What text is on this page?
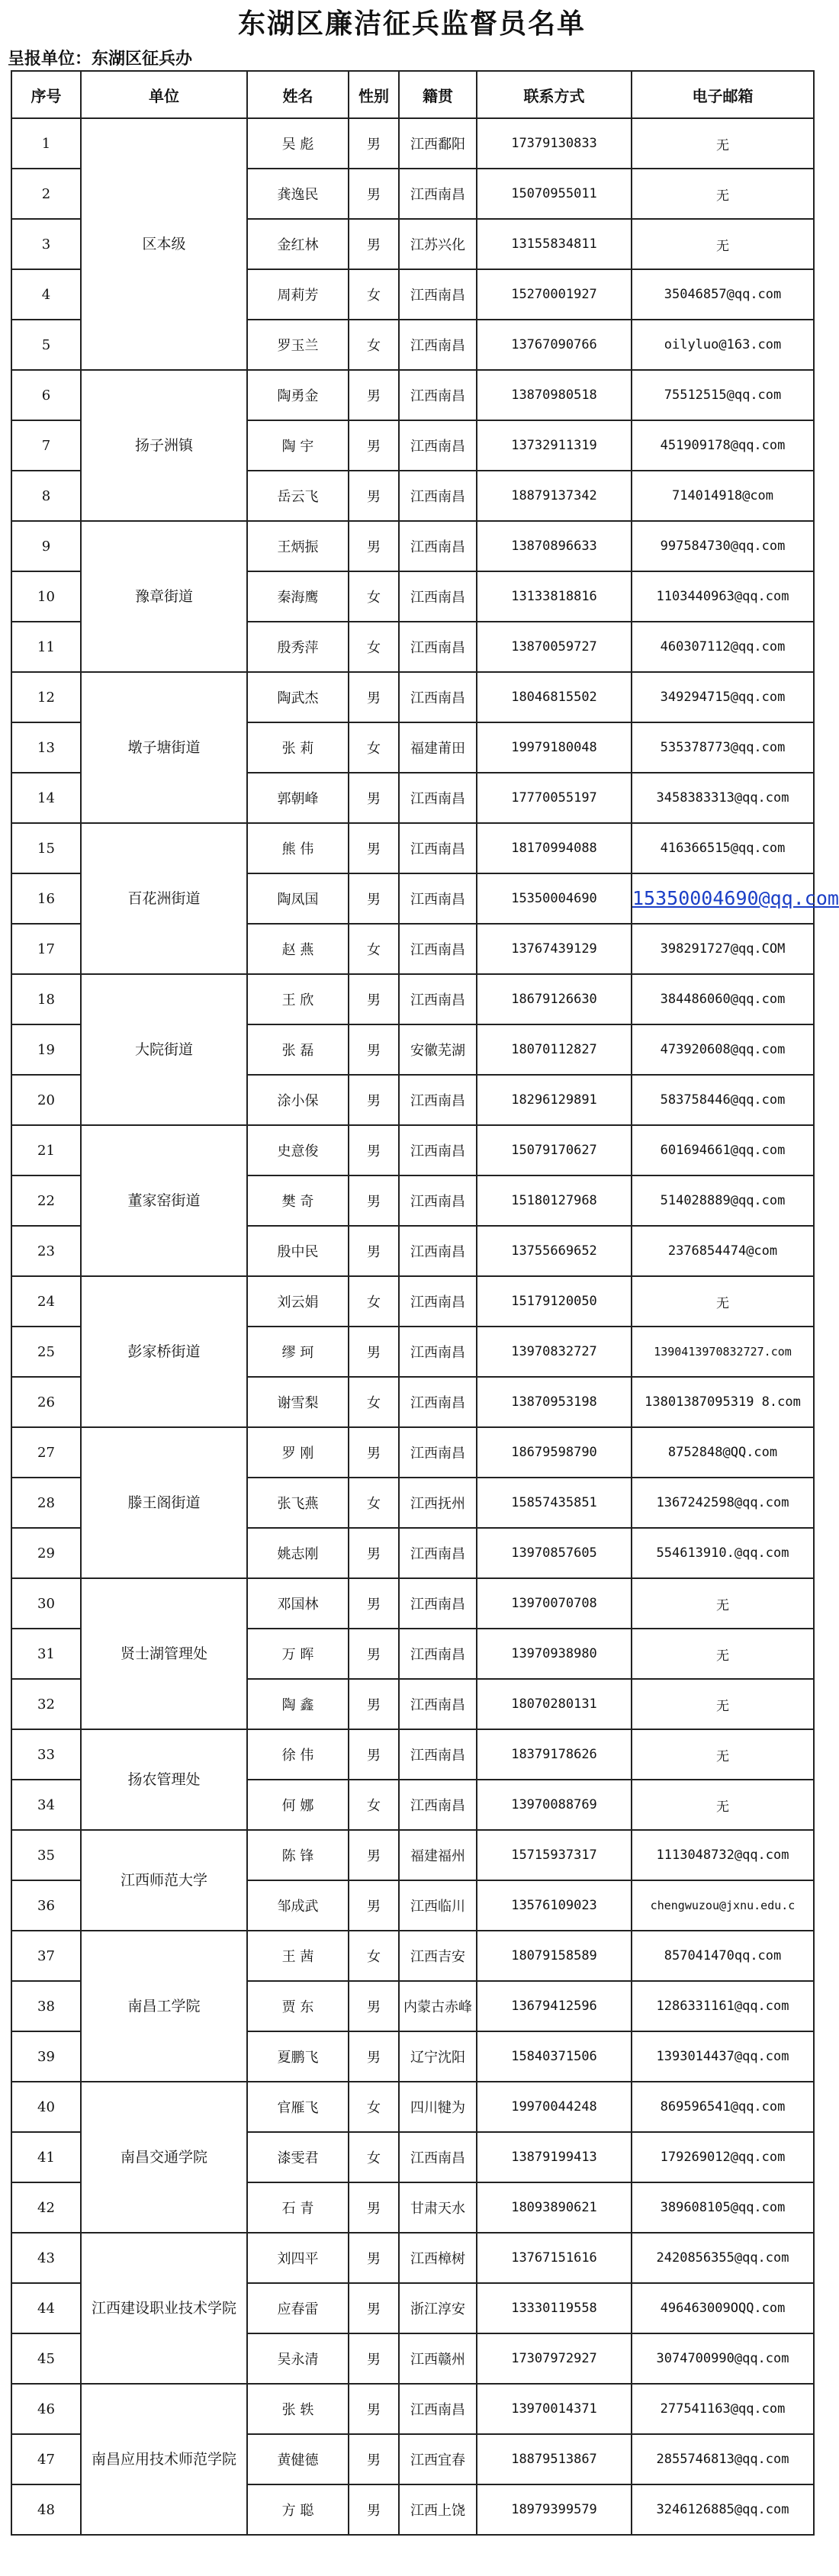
东湖区廉洁征兵监督员名单
呈报单位：东湖区征兵办
序号	单位	姓名	性别	籍贯	联系方式	电子邮箱
1	区本级	吴 彪	男	江西鄱阳	17379130833	无
2		龚逸民	男	江西南昌	15070955011	无
3		金红林	男	江苏兴化	13155834811	无
4		周莉芳	女	江西南昌	15270001927	35046857@qq.com
5		罗玉兰	女	江西南昌	13767090766	oilyluo@163.com
6	扬子洲镇	陶勇金	男	江西南昌	13870980518	75512515@qq.com
7		陶 宇	男	江西南昌	13732911319	451909178@qq.com
8		岳云飞	男	江西南昌	18879137342	714014918@com
9	豫章街道	王炳振	男	江西南昌	13870896633	997584730@qq.com
10		秦海鹰	女	江西南昌	13133818816	1103440963@qq.com
11		殷秀萍	女	江西南昌	13870059727	460307112@qq.com
12	墩子塘街道	陶武杰	男	江西南昌	18046815502	349294715@qq.com
13		张 莉	女	福建莆田	19979180048	535378773@qq.com
14		郭朝峰	男	江西南昌	17770055197	3458383313@qq.com
15	百花洲街道	熊 伟	男	江西南昌	18170994088	416366515@qq.com
16		陶凤国	男	江西南昌	15350004690	15350004690@qq.com
17		赵 燕	女	江西南昌	13767439129	398291727@qq.COM
18	大院街道	王 欣	男	江西南昌	18679126630	384486060@qq.com
19		张 磊	男	安徽芜湖	18070112827	473920608@qq.com
20		涂小保	男	江西南昌	18296129891	583758446@qq.com
21	董家窑街道	史意俊	男	江西南昌	15079170627	601694661@qq.com
22		樊 奇	男	江西南昌	15180127968	514028889@qq.com
23		殷中民	男	江西南昌	13755669652	2376854474@com
24	彭家桥街道	刘云娟	女	江西南昌	15179120050	无
25		缪 珂	男	江西南昌	13970832727	1390413970832727.com
26		谢雪梨	女	江西南昌	13870953198	13801387095319 8.com
27	滕王阁街道	罗 刚	男	江西南昌	18679598790	8752848@QQ.com
28		张飞燕	女	江西抚州	15857435851	1367242598@qq.com
29		姚志刚	男	江西南昌	13970857605	554613910.@qq.com
30	贤士湖管理处	邓国林	男	江西南昌	13970070708	无
31		万 晖	男	江西南昌	13970938980	无
32		陶 鑫	男	江西南昌	18070280131	无
33	扬农管理处	徐 伟	男	江西南昌	18379178626	无
34		何 娜	女	江西南昌	13970088769	无
35	江西师范大学	陈 锋	男	福建福州	15715937317	1113048732@qq.com
36		邹成武	男	江西临川	13576109023	chengwuzou@jxnu.edu.c
37	南昌工学院	王 茜	女	江西吉安	18079158589	857041470qq.com
38		贾 东	男	内蒙古赤峰	13679412596	1286331161@qq.com
39		夏鹏飞	男	辽宁沈阳	15840371506	1393014437@qq.com
40	南昌交通学院	官雁飞	女	四川犍为	19970044248	869596541@qq.com
41		漆雯君	女	江西南昌	13879199413	179269012@qq.com
42		石 青	男	甘肃天水	18093890621	389608105@qq.com
43	江西建设职业技术学院	刘四平	男	江西樟树	13767151616	2420856355@qq.com
44		应春雷	男	浙江淳安	13330119558	496463009OQQ.com
45		吴永清	男	江西赣州	17307972927	3074700990@qq.com
46	南昌应用技术师范学院	张 轶	男	江西南昌	13970014371	277541163@qq.com
47		黄健德	男	江西宜春	18879513867	2855746813@qq.com
48		方 聪	男	江西上饶	18979399579	3246126885@qq.com
